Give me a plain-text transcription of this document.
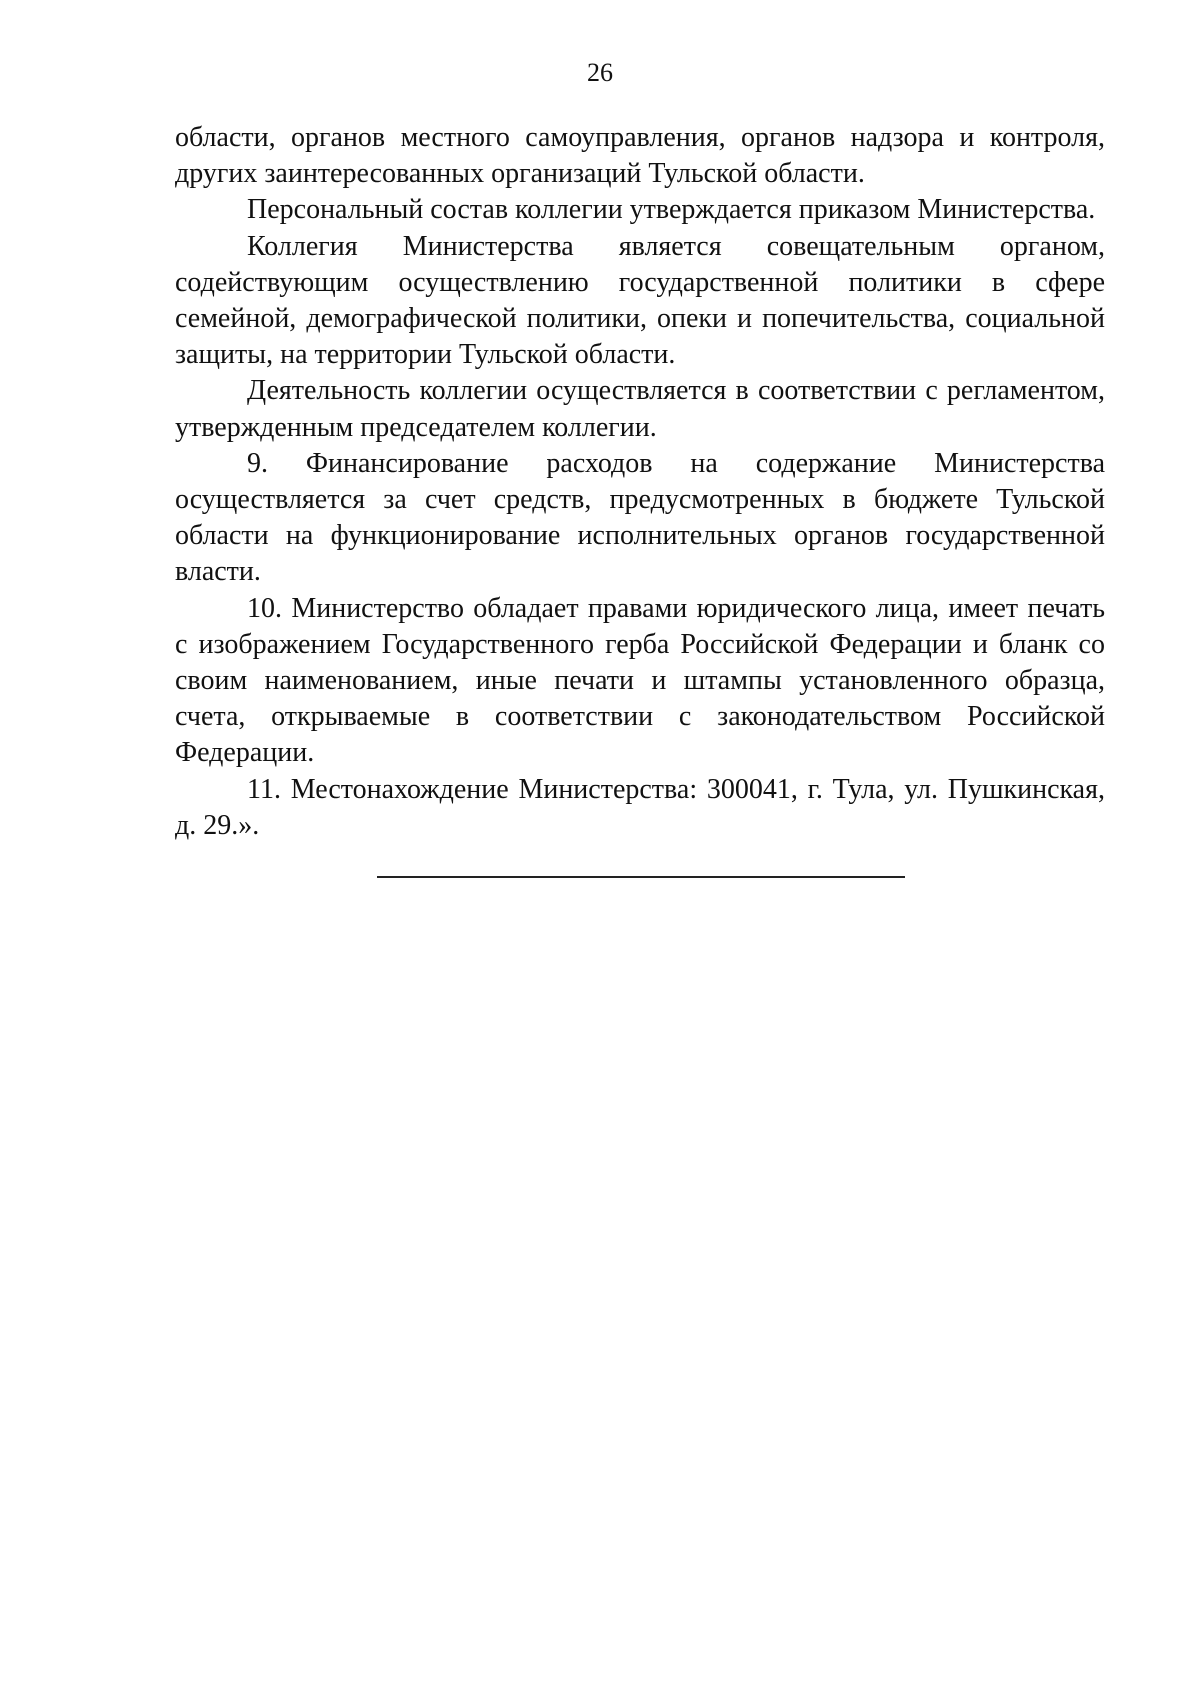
26

области, органов местного самоуправления, органов надзора и контроля, других заинтересованных организаций Тульской области.

Персональный состав коллегии утверждается приказом Министерства.

Коллегия Министерства является совещательным органом, содействующим осуществлению государственной политики в сфере семейной, демографической политики, опеки и попечительства, социальной защиты, на территории Тульской области.

Деятельность коллегии осуществляется в соответствии с регламентом, утвержденным председателем коллегии.

9. Финансирование расходов на содержание Министерства осуществляется за счет средств, предусмотренных в бюджете Тульской области на функционирование исполнительных органов государственной власти.

10. Министерство обладает правами юридического лица, имеет печать с изображением Государственного герба Российской Федерации и бланк со своим наименованием, иные печати и штампы установленного образца, счета, открываемые в соответствии с законодательством Российской Федерации.

11. Местонахождение Министерства: 300041, г. Тула, ул. Пушкинская, д. 29.».
